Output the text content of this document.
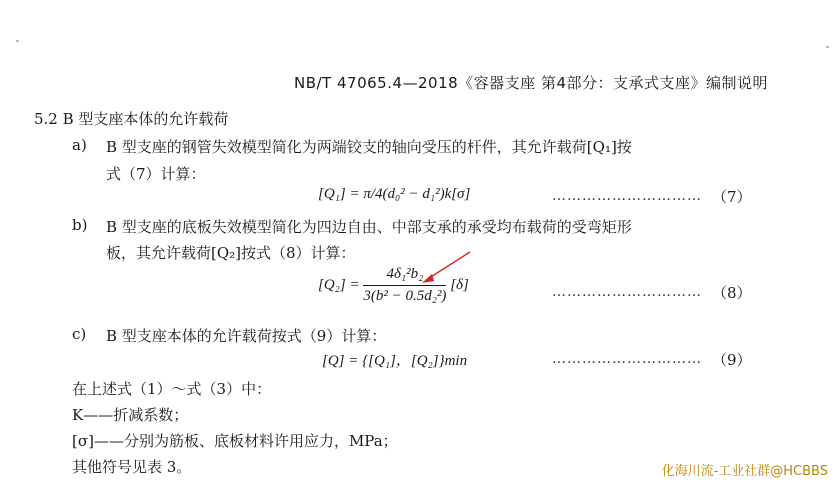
NB/T 47065.4—2018《容器支座 第4部分：支承式支座》编制说明
5.2 B 型支座本体的允许载荷
a) B 型支座的钢管失效模型简化为两端铰支的轴向受压的杆件，其允许载荷[Q₁]按
式（7）计算：
[Q₁] = π/4(d₀² − d₁²)k[σ]	………………………… （7）
b) B 型支座的底板失效模型简化为四边自由、中部支承的承受均布载荷的受弯矩形
板，其允许载荷[Q₂]按式（8）计算：
$[Q_2] = \frac{\text{4δ₁²b₂}}{\text{3(b² − 0.5d₂²)}} [\delta]$	………………………… （8）
c) B 型支座本体的允许载荷按式（9）计算：
[Q] = {[Q₁]，[Q₂]}min	………………………… （9）
在上述式（1）～式（3）中：
K——折减系数；
[σ]——分别为筋板、底板材料许用应力，MPa；
其他符号见表 3。	化海川流-工业社群@HCBBS
